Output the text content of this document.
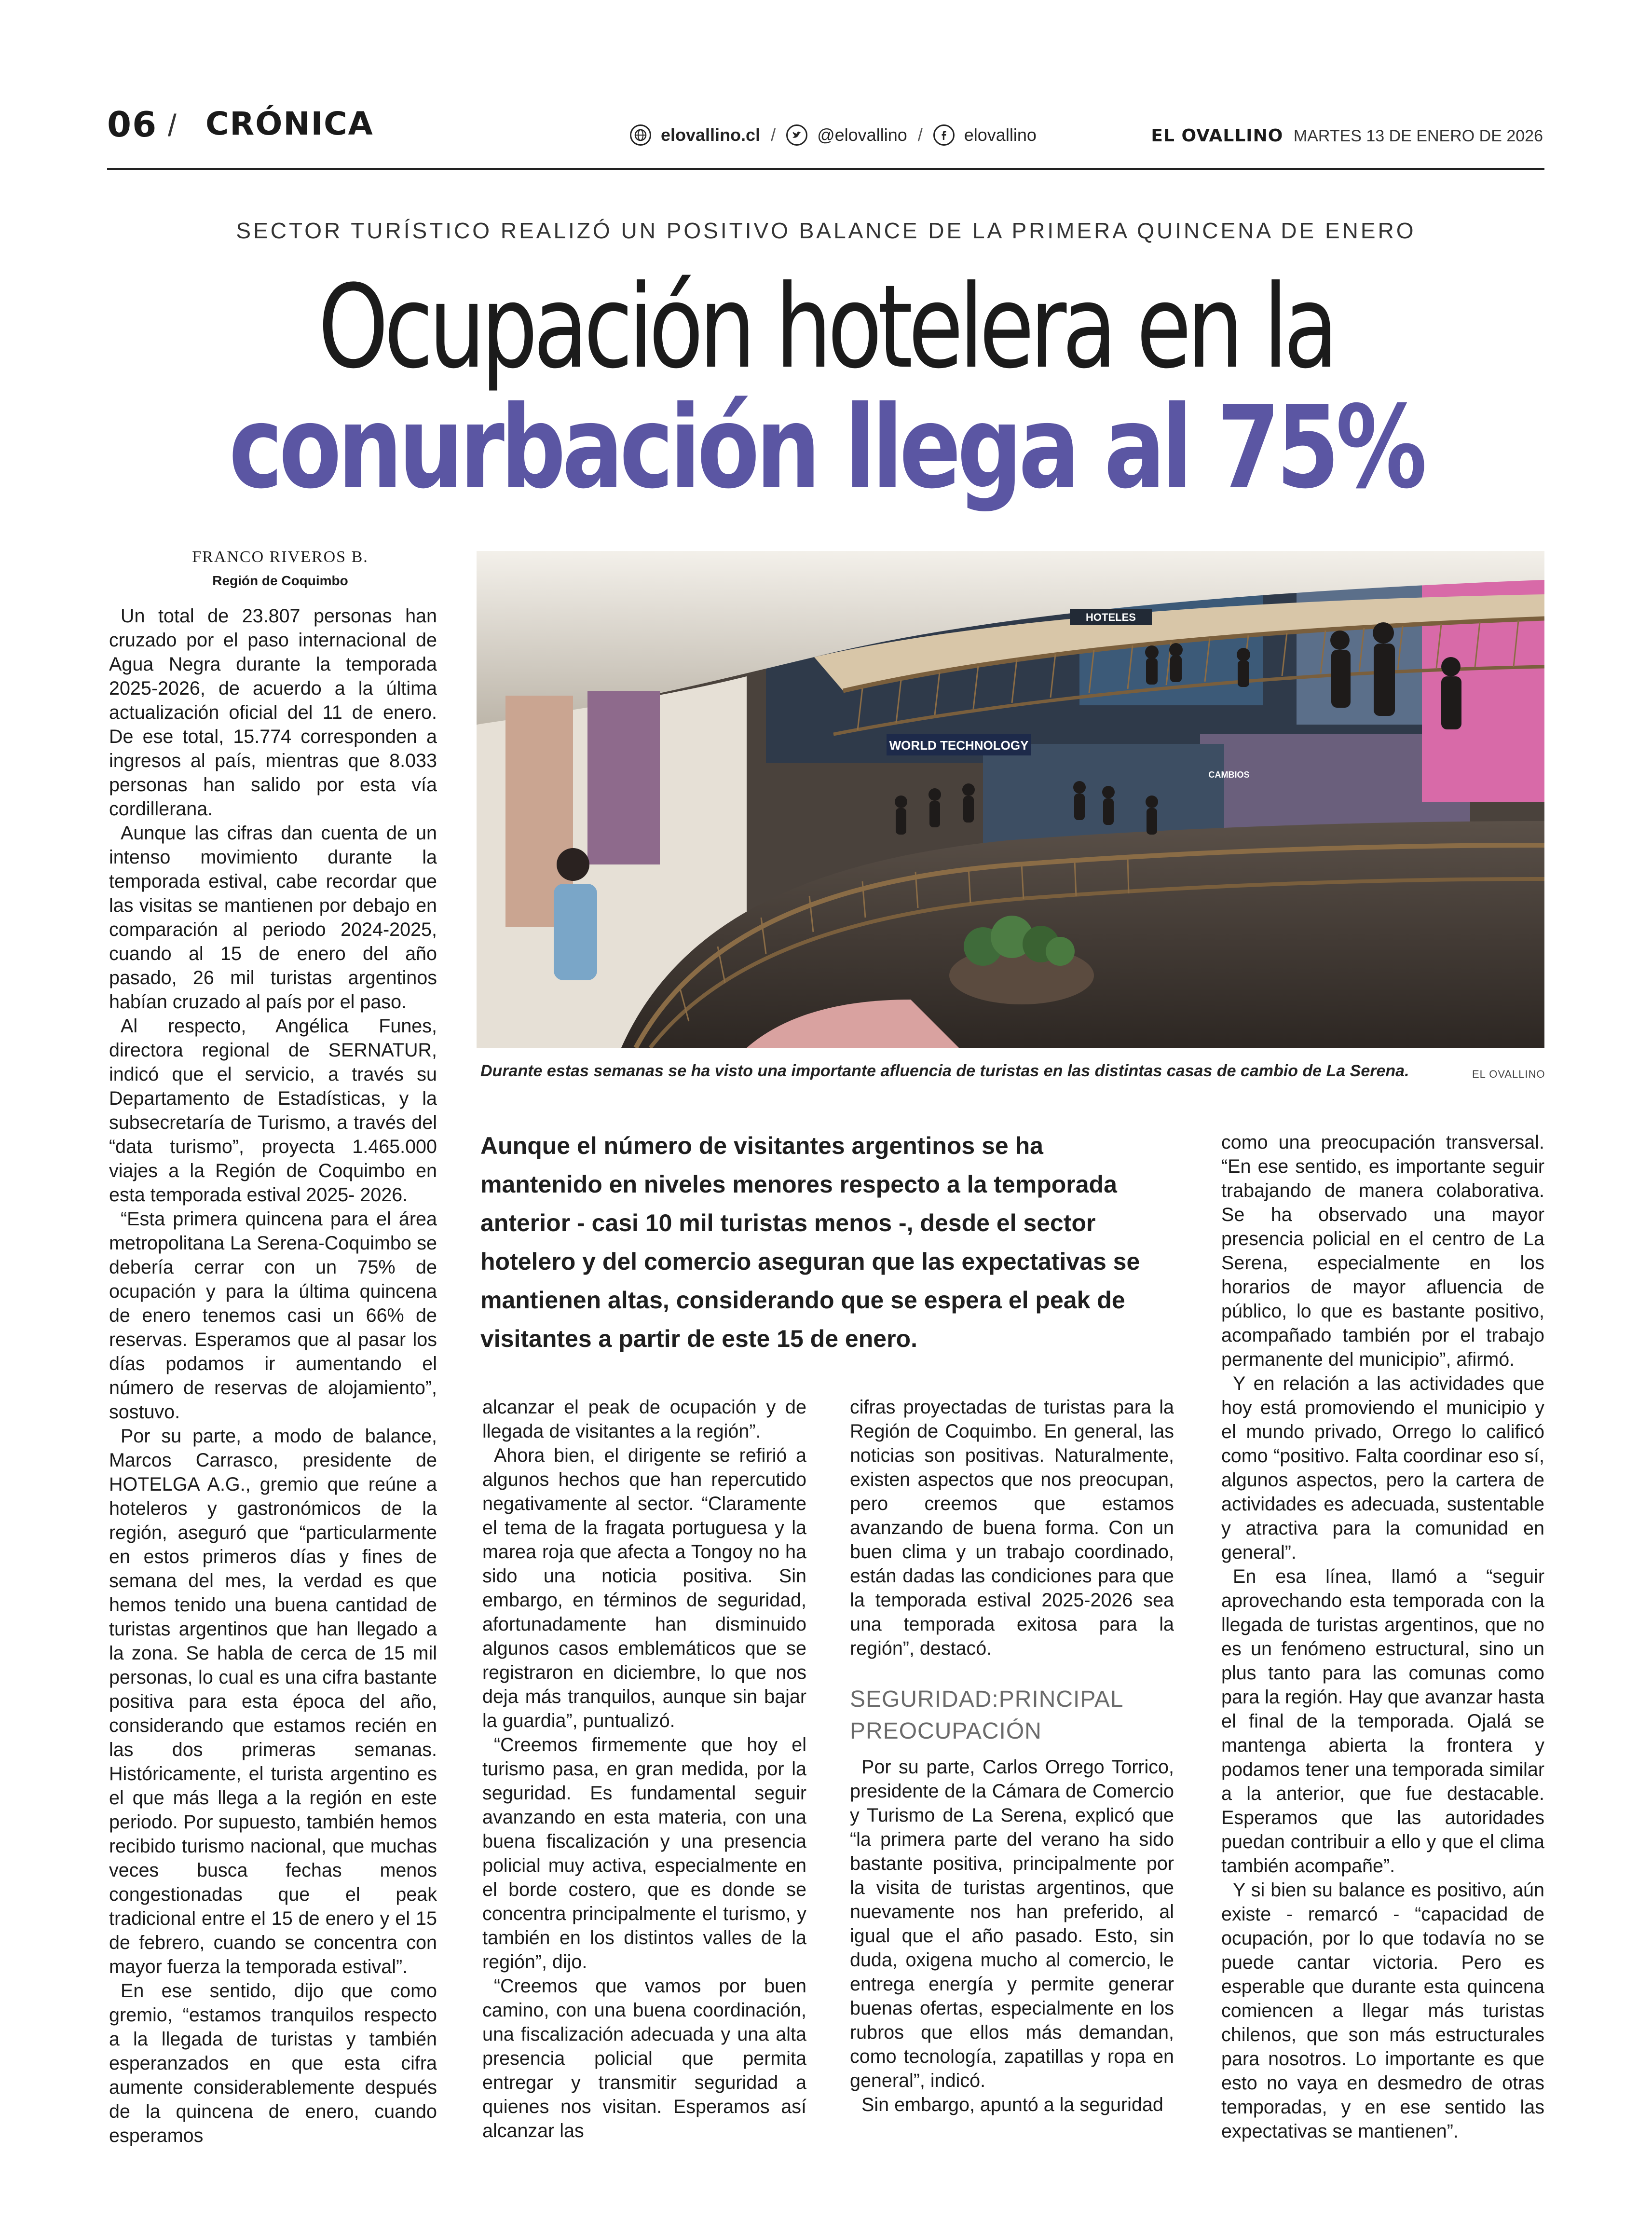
06 / CRÓNICA	elovallino.cl / @elovallino / elovallino	EL OVALLINO MARTES 13 DE ENERO DE 2026
SECTOR TURÍSTICO REALIZÓ UN POSITIVO BALANCE DE LA PRIMERA QUINCENA DE ENERO
Ocupación hotelera en la
conurbación llega al 75%
FRANCO RIVEROS B.
Región de Coquimbo

Un total de 23.807 personas han cruzado por el paso internacional de Agua Negra durante la temporada 2025-2026, de acuerdo a la última actualización oficial del 11 de enero. De ese total, 15.774 corresponden a ingresos al país, mientras que 8.033 personas han salido por esta vía cordillerana.

Aunque las cifras dan cuenta de un intenso movimiento durante la temporada estival, cabe recordar que las visitas se mantienen por debajo en comparación al periodo 2024-2025, cuando al 15 de enero del año pasado, 26 mil turistas argentinos habían cruzado al país por el paso.

Al respecto, Angélica Funes, directora regional de SERNATUR, indicó que el servicio, a través su Departamento de Estadísticas, y la subsecretaría de Turismo, a través del “data turismo”, proyecta 1.465.000 viajes a la Región de Coquimbo en esta temporada estival 2025- 2026.

“Esta primera quincena para el área metropolitana La Serena-Coquimbo se debería cerrar con un 75% de ocupación y para la última quincena de enero tenemos casi un 66% de reservas. Esperamos que al pasar los días podamos ir aumentando el número de reservas de alojamiento”, sostuvo.

Por su parte, a modo de balance, Marcos Carrasco, presidente de HOTELGA A.G., gremio que reúne a hoteleros y gastronómicos de la región, aseguró que “particularmente en estos primeros días y fines de semana del mes, la verdad es que hemos tenido una buena cantidad de turistas argentinos que han llegado a la zona. Se habla de cerca de 15 mil personas, lo cual es una cifra bastante positiva para esta época del año, considerando que estamos recién en las dos primeras semanas. Históricamente, el turista argentino es el que más llega a la región en este periodo. Por supuesto, también hemos recibido turismo nacional, que muchas veces busca fechas menos congestionadas que el peak tradicional entre el 15 de enero y el 15 de febrero, cuando se concentra con mayor fuerza la temporada estival”.

En ese sentido, dijo que como gremio, “estamos tranquilos respecto a la llegada de turistas y también esperanzados en que esta cifra aumente considerablemente después de la quincena de enero, cuando esperamos

WORLD TECHNOLOGY
HOTELES
CAMBIOS
Durante estas semanas se ha visto una importante afluencia de turistas en las distintas casas de cambio de La Serena.	EL OVALLINO
Aunque el número de visitantes argentinos se ha mantenido en niveles menores respecto a la temporada anterior - casi 10 mil turistas menos -, desde el sector hotelero y del comercio aseguran que las expectativas se mantienen altas, considerando que se espera el peak de visitantes a partir de este 15 de enero.

alcanzar el peak de ocupación y de llegada de visitantes a la región”.

Ahora bien, el dirigente se refirió a algunos hechos que han repercutido negativamente al sector. “Claramente el tema de la fragata portuguesa y la marea roja que afecta a Tongoy no ha sido una noticia positiva. Sin embargo, en términos de seguridad, afortunadamente han disminuido algunos casos emblemáticos que se registraron en diciembre, lo que nos deja más tranquilos, aunque sin bajar la guardia”, puntualizó.

“Creemos firmemente que hoy el turismo pasa, en gran medida, por la seguridad. Es fundamental seguir avanzando en esta materia, con una buena fiscalización y una presencia policial muy activa, especialmente en el borde costero, que es donde se concentra principalmente el turismo, y también en los distintos valles de la región”, dijo.

“Creemos que vamos por buen camino, con una buena coordinación, una fiscalización adecuada y una alta presencia policial que permita entregar y transmitir seguridad a quienes nos visitan. Esperamos así alcanzar las

cifras proyectadas de turistas para la Región de Coquimbo. En general, las noticias son positivas. Naturalmente, existen aspectos que nos preocupan, pero creemos que estamos avanzando de buena forma. Con un buen clima y un trabajo coordinado, están dadas las condiciones para que la temporada estival 2025-2026 sea una temporada exitosa para la región”, destacó.

SEGURIDAD:PRINCIPAL
PREOCUPACIÓN

Por su parte, Carlos Orrego Torrico, presidente de la Cámara de Comercio y Turismo de La Serena, explicó que “la primera parte del verano ha sido bastante positiva, principalmente por la visita de turistas argentinos, que nuevamente nos han preferido, al igual que el año pasado. Esto, sin duda, oxigena mucho al comercio, le entrega energía y permite generar buenas ofertas, especialmente en los rubros que ellos más demandan, como tecnología, zapatillas y ropa en general”, indicó.

Sin embargo, apuntó a la seguridad

como una preocupación transversal. “En ese sentido, es importante seguir trabajando de manera colaborativa. Se ha observado una mayor presencia policial en el centro de La Serena, especialmente en los horarios de mayor afluencia de público, lo que es bastante positivo, acompañado también por el trabajo permanente del municipio”, afirmó.

Y en relación a las actividades que hoy está promoviendo el municipio y el mundo privado, Orrego lo calificó como “positivo. Falta coordinar eso sí, algunos aspectos, pero la cartera de actividades es adecuada, sustentable y atractiva para la comunidad en general”.

En esa línea, llamó a “seguir aprovechando esta temporada con la llegada de turistas argentinos, que no es un fenómeno estructural, sino un plus tanto para las comunas como para la región. Hay que avanzar hasta el final de la temporada. Ojalá se mantenga abierta la frontera y podamos tener una temporada similar a la anterior, que fue destacable. Esperamos que las autoridades puedan contribuir a ello y que el clima también acompañe”.

Y si bien su balance es positivo, aún existe - remarcó - “capacidad de ocupación, por lo que todavía no se puede cantar victoria. Pero es esperable que durante esta quincena comiencen a llegar más turistas chilenos, que son más estructurales para nosotros. Lo importante es que esto no vaya en desmedro de otras temporadas, y en ese sentido las expectativas se mantienen”.
